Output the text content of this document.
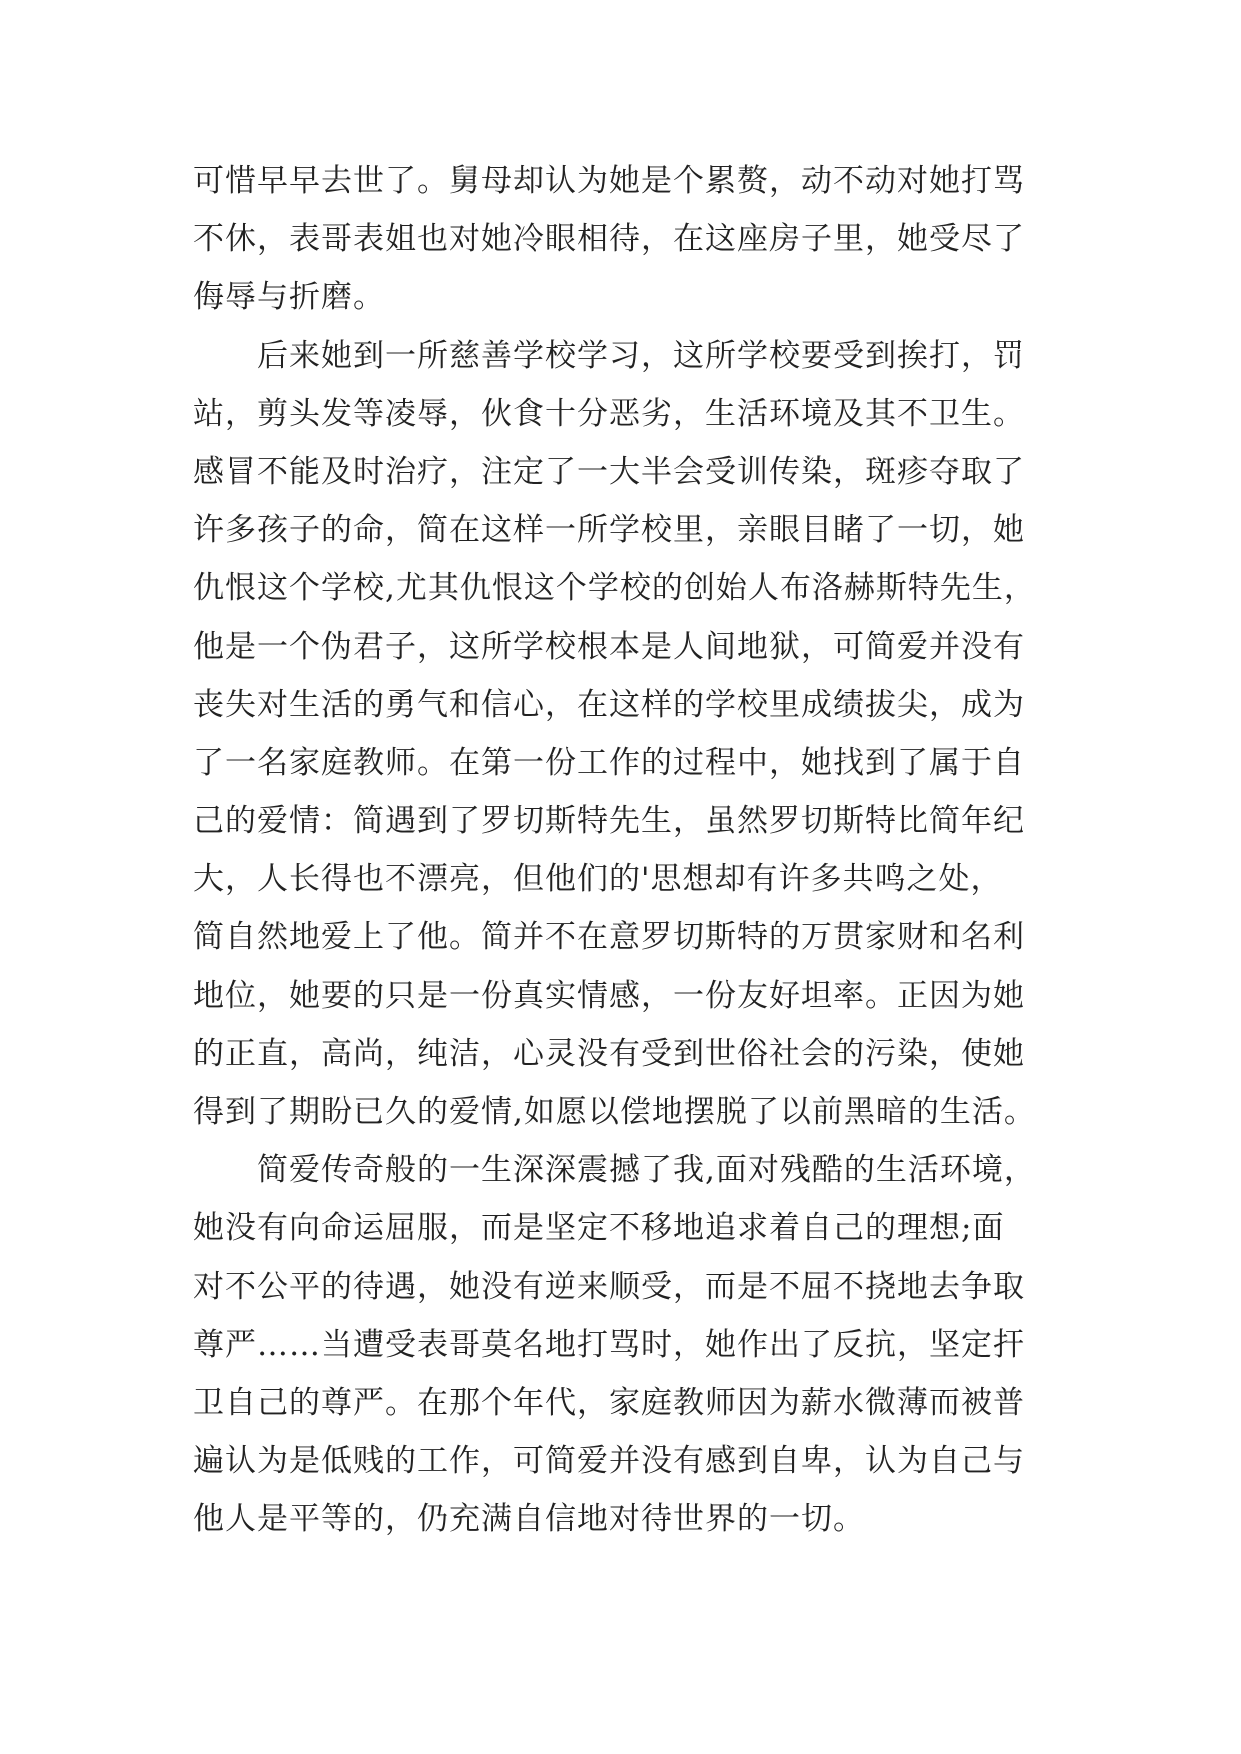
可惜早早去世了。舅母却认为她是个累赘，动不动对她打骂
不休，表哥表姐也对她冷眼相待，在这座房子里，她受尽了
侮辱与折磨。
后来她到一所慈善学校学习，这所学校要受到挨打，罚
站，剪头发等凌辱，伙食十分恶劣，生活环境及其不卫生。
感冒不能及时治疗，注定了一大半会受训传染，斑疹夺取了
许多孩子的命，简在这样一所学校里，亲眼目睹了一切，她
仇恨这个学校,尤其仇恨这个学校的创始人布洛赫斯特先生，
他是一个伪君子，这所学校根本是人间地狱，可简爱并没有
丧失对生活的勇气和信心，在这样的学校里成绩拔尖，成为
了一名家庭教师。在第一份工作的过程中，她找到了属于自
己的爱情：简遇到了罗切斯特先生，虽然罗切斯特比简年纪
大，人长得也不漂亮，但他们的'思想却有许多共鸣之处，
简自然地爱上了他。简并不在意罗切斯特的万贯家财和名利
地位，她要的只是一份真实情感，一份友好坦率。正因为她
的正直，高尚，纯洁，心灵没有受到世俗社会的污染，使她
得到了期盼已久的爱情,如愿以偿地摆脱了以前黑暗的生活。
简爱传奇般的一生深深震撼了我,面对残酷的生活环境，
她没有向命运屈服，而是坚定不移地追求着自己的理想;面
对不公平的待遇，她没有逆来顺受，而是不屈不挠地去争取
尊严……当遭受表哥莫名地打骂时，她作出了反抗，坚定扞
卫自己的尊严。在那个年代，家庭教师因为薪水微薄而被普
遍认为是低贱的工作，可简爱并没有感到自卑，认为自己与
他人是平等的，仍充满自信地对待世界的一切。
